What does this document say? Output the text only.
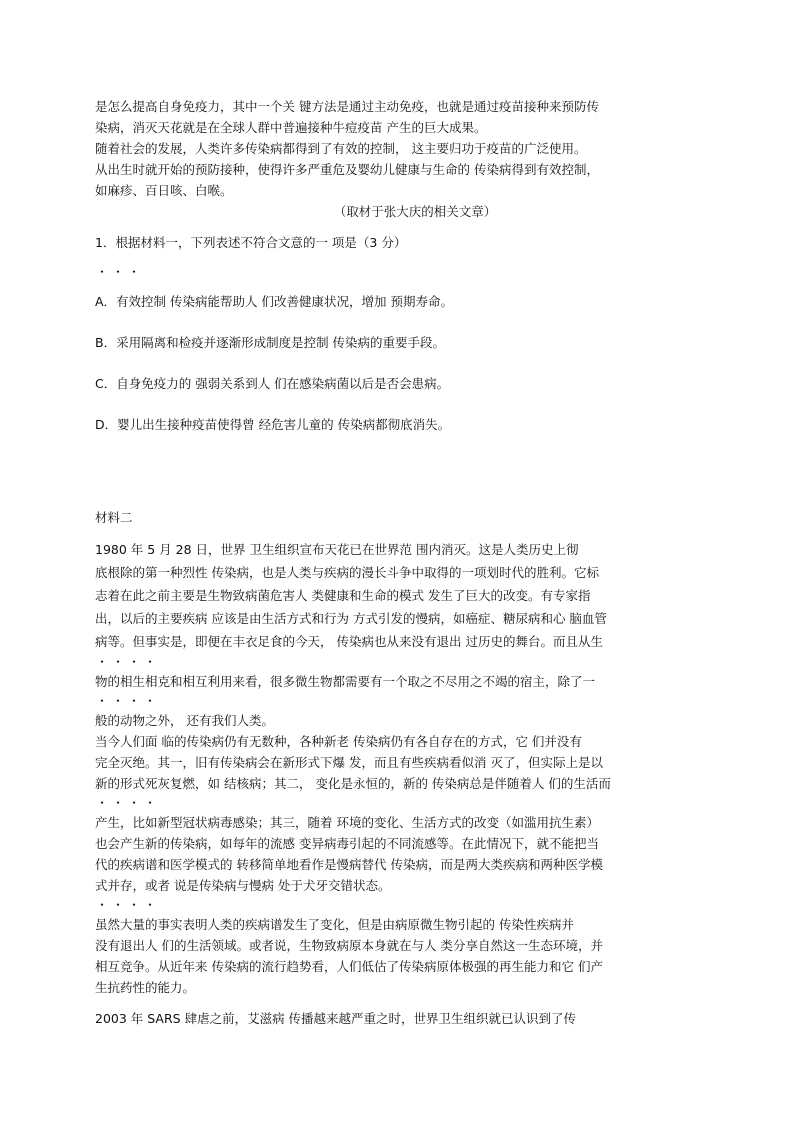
是怎么提高自身免疫力，其中一个关 键方法是通过主动免疫，也就是通过疫苗接种来预防传
染病，消灭天花就是在全球人群中普遍接种牛痘疫苗 产生的巨大成果。
随着社会的发展，人类许多传染病都得到了有效的控制， 这主要归功于疫苗的广泛使用。
从出生时就开始的预防接种，使得许多严重危及婴幼儿健康与生命的 传染病得到有效控制，
如麻疹、百日咳、白喉。
（取材于张大庆的相关文章）
1．根据材料一，下列表述不符合文意的一 项是（3 分）
・・・
A．有效控制 传染病能帮助人 们改善健康状况，增加 预期寿命。
B．采用隔离和检疫并逐渐形成制度是控制 传染病的重要手段。
C．自身免疫力的 强弱关系到人 们在感染病菌以后是否会患病。
D．婴儿出生接种疫苗使得曾 经危害儿童的 传染病都彻底消失。
材料二
1980 年 5 月 28 日，世界 卫生组织宣布天花已在世界范 围内消灭。这是人类历史上彻
底根除的第一种烈性 传染病，也是人类与疾病的漫长斗争中取得的一项划时代的胜利。它标
志着在此之前主要是生物致病菌危害人 类健康和生命的模式 发生了巨大的改变。有专家指
出，以后的主要疾病 应该是由生活方式和行为 方式引发的慢病，如癌症、糖尿病和心 脑血管
病等。但事实是，即便在丰衣足食的今天， 传染病也从来没有退出 过历史的舞台。而且从生
・・・・
物的相生相克和相互利用来看，很多微生物都需要有一个取之不尽用之不竭的宿主，除了一
・・・・
般的动物之外， 还有我们人类。
当今人们面 临的传染病仍有无数种，各种新老 传染病仍有各自存在的方式，它 们并没有
完全灭绝。其一，旧有传染病会在新形式下爆 发，而且有些疾病看似消 灭了，但实际上是以
新的形式死灰复燃，如 结核病；其二， 变化是永恒的，新的 传染病总是伴随着人 们的生活而
・・・・
产生，比如新型冠状病毒感染；其三，随着 环境的变化、生活方式的改变（如滥用抗生素）
也会产生新的传染病，如每年的流感 变异病毒引起的不同流感等。在此情况下，就不能把当
代的疾病谱和医学模式的 转移简单地看作是慢病替代 传染病，而是两大类疾病和两种医学模
式并存，或者 说是传染病与慢病 处于犬牙交错状态。
・・・・
虽然大量的事实表明人类的疾病谱发生了变化，但是由病原微生物引起的 传染性疾病并
没有退出人 们的生活领域。或者说，生物致病原本身就在与人 类分享自然这一生态环境，并
相互竞争。从近年来 传染病的流行趋势看，人们低估了传染病原体极强的再生能力和它 们产
生抗药性的能力。
2003 年 SARS 肆虐之前，艾滋病 传播越来越严重之时，世界卫生组织就已认识到了传
